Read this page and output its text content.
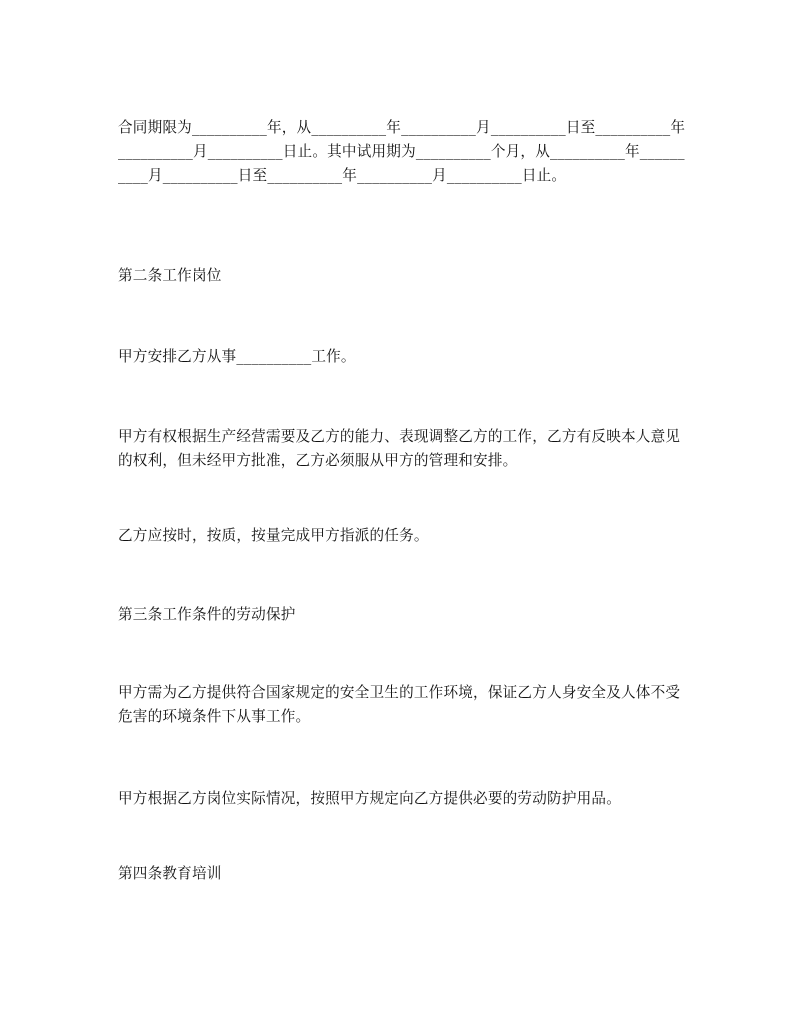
合同期限为__________年，从__________年__________月__________日至__________年__________月__________日止。其中试用期为__________个月，从__________年__________月__________日至__________年__________月__________日止。
第二条工作岗位
甲方安排乙方从事__________工作。
甲方有权根据生产经营需要及乙方的能力、表现调整乙方的工作，乙方有反映本人意见的权利，但未经甲方批准，乙方必须服从甲方的管理和安排。
乙方应按时，按质，按量完成甲方指派的任务。
第三条工作条件的劳动保护
甲方需为乙方提供符合国家规定的安全卫生的工作环境，保证乙方人身安全及人体不受危害的环境条件下从事工作。
甲方根据乙方岗位实际情况，按照甲方规定向乙方提供必要的劳动防护用品。
第四条教育培训
